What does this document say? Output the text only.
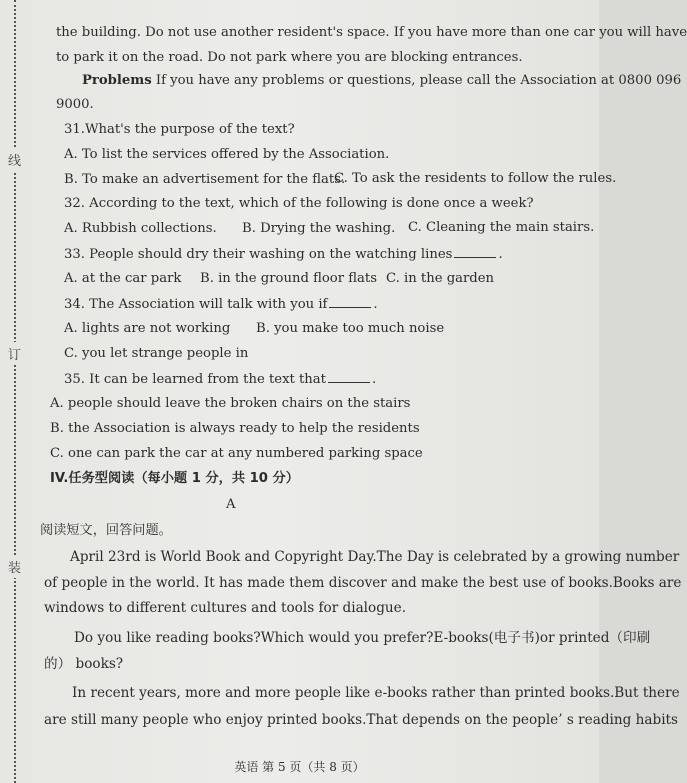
线
订
装
the building. Do not use another resident's space. If you have more than one car you will have
to park it on the road. Do not park where you are blocking entrances.
Problems If you have any problems or questions, please call the Association at 0800 096
9000.
31.What's the purpose of the text?
A. To list the services offered by the Association.
B. To make an advertisement for the flats.
C. To ask the residents to follow the rules.
32. According to the text, which of the following is done once a week?
A. Rubbish collections. B. Drying the washing. C. Cleaning the main stairs.
33. People should dry their washing on the watching lines	.
A. at the car park B. in the ground floor flats C. in the garden
34. The Association will talk with you if	.
A. lights are not working B. you make too much noise
C. you let strange people in
35. It can be learned from the text that	.
A. people should leave the broken chairs on the stairs
B. the Association is always ready to help the residents
C. one can park the car at any numbered parking space
IV.任务型阅读（每小题 1 分，共 10 分）
A
阅读短文，回答问题。
April 23rd is World Book and Copyright Day.The Day is celebrated by a growing number
of people in the world. It has made them discover and make the best use of books.Books are
windows to different cultures and tools for dialogue.
Do you like reading books?Which would you prefer?E-books(电子书)or printed（印刷
的） books?
In recent years, more and more people like e-books rather than printed books.But there
are still many people who enjoy printed books.That depends on the people’ s reading habits
英语 第 5 页（共 8 页）
